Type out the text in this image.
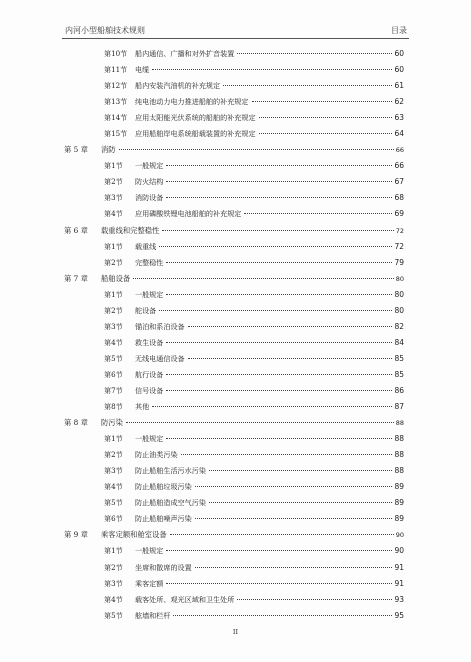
内河小型船舶技术规则	目录
第10节	船内通信、广播和对外扩音装置	60
第11节	电缆	60
第12节	船内安装汽油机的补充规定	61
第13节	纯电池动力电力推进船舶的补充规定	62
第14节	应用太阳能光伏系统的船舶的补充规定	63
第15节	应用船舶岸电系统船载装置的补充规定	64
第 5 章	消防	66
第1节	一般规定	66
第2节	防火结构	67
第3节	消防设备	68
第4节	应用磷酸铁锂电池船舶的补充规定	69
第 6 章	载重线和完整稳性	72
第1节	载重线	72
第2节	完整稳性	79
第 7 章	船舶设备	80
第1节	一般规定	80
第2节	舵设备	80
第3节	锚泊和系泊设备	82
第4节	救生设备	84
第5节	无线电通信设备	85
第6节	航行设备	85
第7节	信号设备	86
第8节	其他	87
第 8 章	防污染	88
第1节	一般规定	88
第2节	防止油类污染	88
第3节	防止船舶生活污水污染	88
第4节	防止船舶垃圾污染	89
第5节	防止船舶造成空气污染	89
第6节	防止船舶噪声污染	89
第 9 章	乘客定额和舱室设备	90
第1节	一般规定	90
第2节	坐席和散席的设置	91
第3节	乘客定额	91
第4节	载客处所、观光区域和卫生处所	93
第5节	舷墙和栏杆	95
II
